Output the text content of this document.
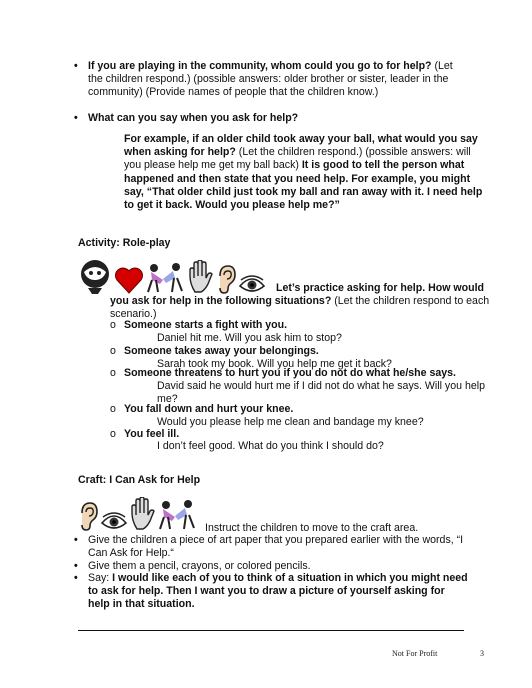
• If you are playing in the community, whom could you go to for help? (Let
the children respond.) (possible answers: older brother or sister, leader in the
community) (Provide names of people that the children know.)
• What can you say when you ask for help?
For example, if an older child took away your ball, what would you say
when asking for help? (Let the children respond.) (possible answers: will
you please help me get my ball back) It is good to tell the person what
happened and then state that you need help. For example, you might
say, “That older child just took my ball and ran away with it. I need help
to get it back. Would you please help me?”
Activity: Role-play
Let’s practice asking for help. How would
you ask for help in the following situations? (Let the children respond to each
scenario.)
o Someone starts a fight with you.
Daniel hit me. Will you ask him to stop?
o Someone takes away your belongings.
Sarah took my book. Will you help me get it back?
o Someone threatens to hurt you if you do not do what he/she says.
David said he would hurt me if I did not do what he says. Will you help
me?
o You fall down and hurt your knee.
Would you please help me clean and bandage my knee?
o You feel ill.
I don’t feel good. What do you think I should do?
Craft: I Can Ask for Help
Instruct the children to move to the craft area.
• Give the children a piece of art paper that you prepared earlier with the words, “I
Can Ask for Help.“
• Give them a pencil, crayons, or colored pencils.
• Say: I would like each of you to think of a situation in which you might need
to ask for help. Then I want you to draw a picture of yourself asking for
help in that situation.
Not For Profit	3
